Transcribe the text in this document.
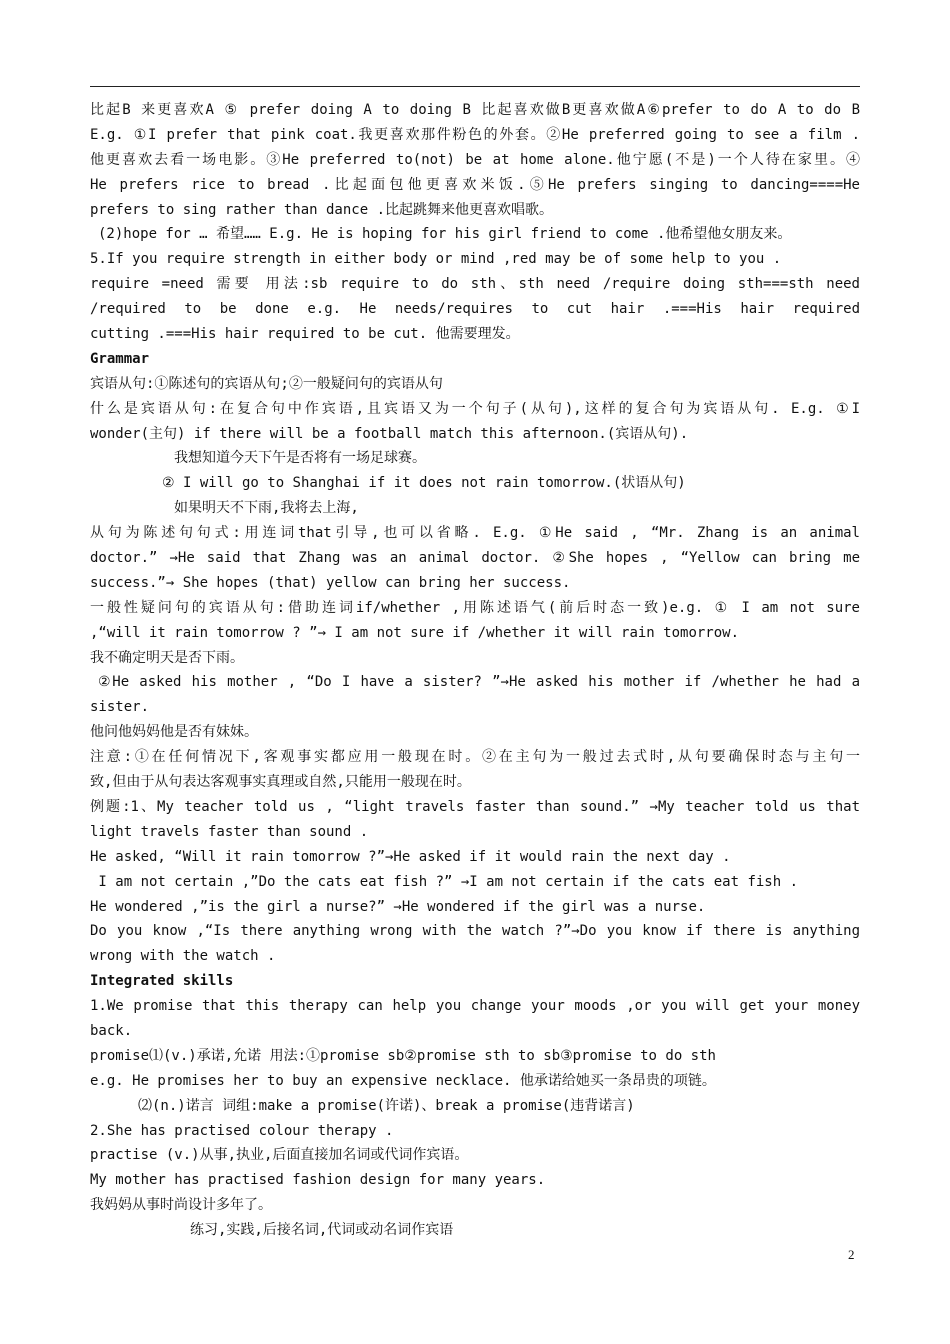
比起B 来更喜欢A ⑤ prefer doing A to doing B 比起喜欢做B更喜欢做A⑥prefer to do A to do B
E.g. ①I prefer that pink coat.我更喜欢那件粉色的外套。②He preferred going to see a film .
他更喜欢去看一场电影。③He preferred to(not) be at home alone.他宁愿(不是)一个人待在家里。④
He prefers rice to bread .比起面包他更喜欢米饭.⑤He prefers singing to dancing====He
prefers to sing rather than dance .比起跳舞来他更喜欢唱歌。
(2)hope for … 希望…… E.g. He is hoping for his girl friend to come .他希望他女朋友来。
5.If you require strength in either body or mind ,red may be of some help to you .
require =need 需要 用法:sb require to do sth、sth need /require doing sth===sth need
/required to be done e.g. He needs/requires to cut hair .===His hair required
cutting .===His hair required to be cut. 他需要理发。
Grammar
宾语从句:①陈述句的宾语从句;②一般疑问句的宾语从句
什么是宾语从句:在复合句中作宾语,且宾语又为一个句子(从句),这样的复合句为宾语从句. E.g. ①I
wonder(主句) if there will be a football match this afternoon.(宾语从句).
我想知道今天下午是否将有一场足球赛。
② I will go to Shanghai if it does not rain tomorrow.(状语从句)
如果明天不下雨,我将去上海,
从句为陈述句句式:用连词that引导,也可以省略. E.g. ①He said , “Mr. Zhang is an animal
doctor.” →He said that Zhang was an animal doctor. ②She hopes , “Yellow can bring me
success.”→ She hopes (that) yellow can bring her success.
一般性疑问句的宾语从句:借助连词if/whether ,用陈述语气(前后时态一致)e.g. ① I am not sure
,“will it rain tomorrow ? ”→ I am not sure if /whether it will rain tomorrow.
我不确定明天是否下雨。
②He asked his mother , “Do I have a sister? ”→He asked his mother if /whether he had a
sister.
他问他妈妈他是否有妹妹。
注意:①在任何情况下,客观事实都应用一般现在时。②在主句为一般过去式时,从句要确保时态与主句一
致,但由于从句表达客观事实真理或自然,只能用一般现在时。
例题:1、My teacher told us , “light travels faster than sound.” →My teacher told us that
light travels faster than sound .
He asked, “Will it rain tomorrow ?”→He asked if it would rain the next day .
I am not certain ,”Do the cats eat fish ?” →I am not certain if the cats eat fish .
He wondered ,”is the girl a nurse?” →He wondered if the girl was a nurse.
Do you know ,“Is there anything wrong with the watch ?”→Do you know if there is anything
wrong with the watch .
Integrated skills
1.We promise that this therapy can help you change your moods ,or you will get your money
back.
promise⑴(v.)承诺,允诺 用法:①promise sb②promise sth to sb③promise to do sth
e.g. He promises her to buy an expensive necklace. 他承诺给她买一条昂贵的项链。
⑵(n.)诺言 词组:make a promise(许诺)、break a promise(违背诺言)
2.She has practised colour therapy .
practise (v.)从事,执业,后面直接加名词或代词作宾语。
My mother has practised fashion design for many years.
我妈妈从事时尚设计多年了。
练习,实践,后接名词,代词或动名词作宾语
2
